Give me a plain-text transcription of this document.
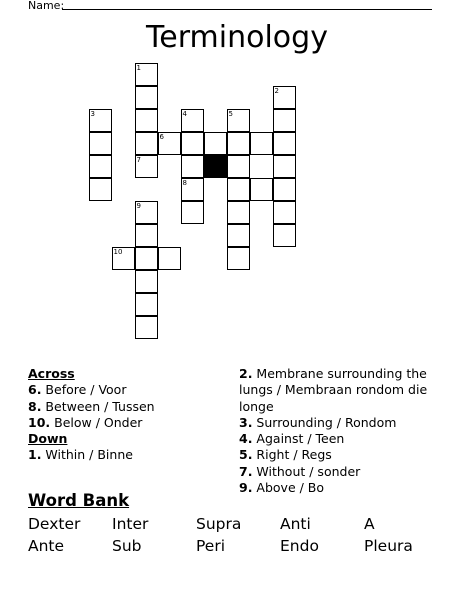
Name:
Terminology
1
2
3	4
8
5
6
7
9
10
Across
6. Before / Voor
8. Between / Tussen
10. Below / Onder
Down
1. Within / Binne
2. Membrane surrounding the lungs / Membraan rondom die longe
3. Surrounding / Rondom
4. Against / Teen
5. Right / Regs
7. Without / sonder
9. Above / Bo
Word Bank
Dexter	Inter	Supra	Anti	A
Ante	Sub	Peri	Endo	Pleura
